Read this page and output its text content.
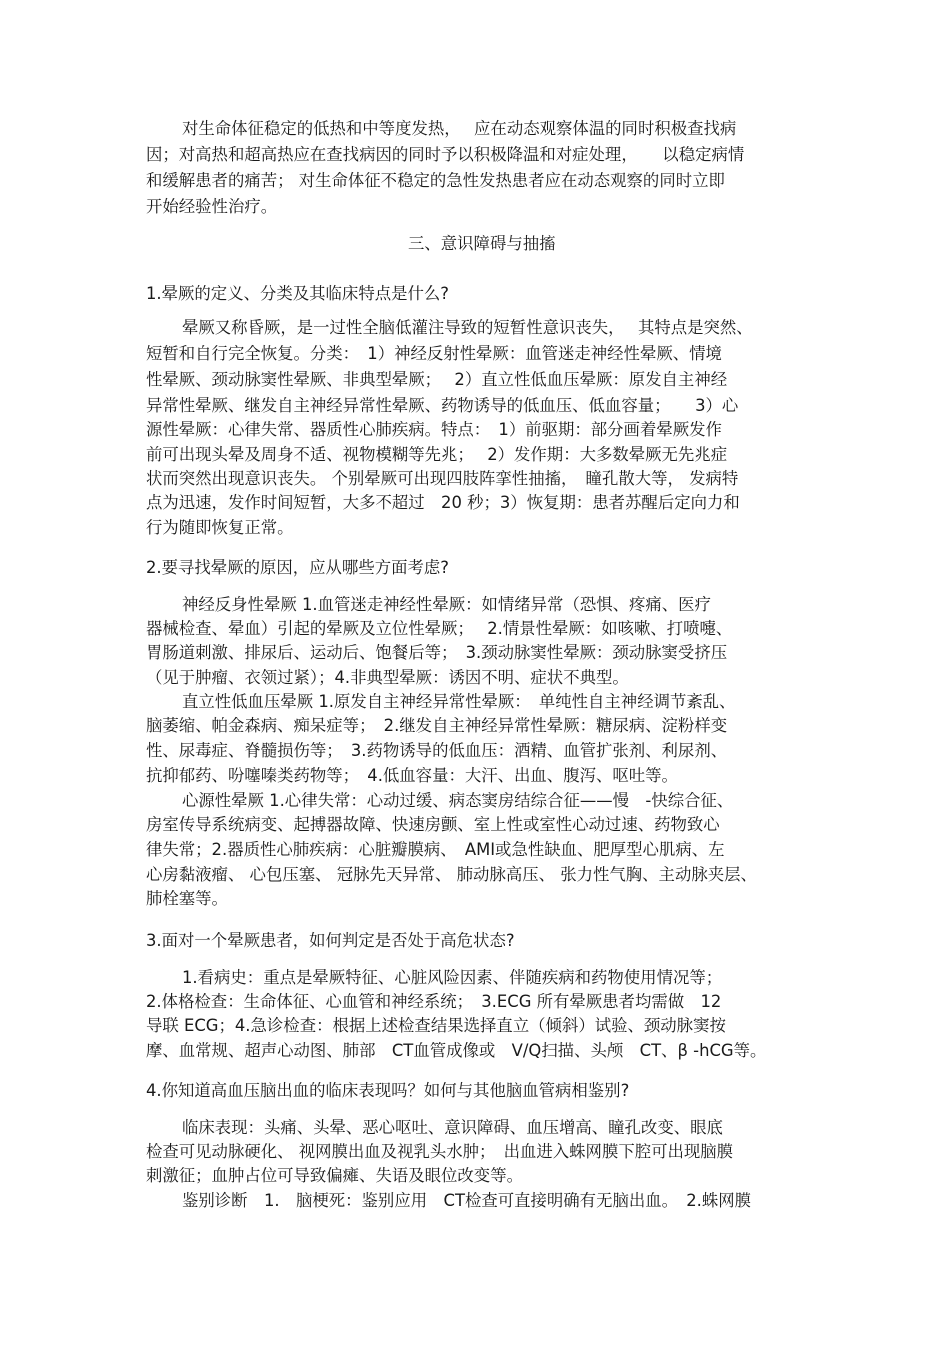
对生命体征稳定的低热和中等度发热，　 应在动态观察体温的同时积极查找病
因；对高热和超高热应在查找病因的同时予以积极降温和对症处理，　　以稳定病情
和缓解患者的痛苦； 对生命体征不稳定的急性发热患者应在动态观察的同时立即
开始经验性治疗。
三、意识障碍与抽搐
1.晕厥的定义、分类及其临床特点是什么?
晕厥又称昏厥，是一过性全脑低灌注导致的短暂性意识丧失，　 其特点是突然、
短暂和自行完全恢复。分类：　1）神经反射性晕厥：血管迷走神经性晕厥、情境
性晕厥、颈动脉窦性晕厥、非典型晕厥；　 2）直立性低血压晕厥：原发自主神经
异常性晕厥、继发自主神经异常性晕厥、药物诱导的低血压、低血容量；　　3）心
源性晕厥：心律失常、器质性心肺疾病。特点：　1）前驱期：部分画着晕厥发作
前可出现头晕及周身不适、视物模糊等先兆；　 2）发作期：大多数晕厥无先兆症
状而突然出现意识丧失。 个别晕厥可出现四肢阵挛性抽搐，　瞳孔散大等， 发病特
点为迅速，发作时间短暂，大多不超过　20 秒；3）恢复期：患者苏醒后定向力和
行为随即恢复正常。
2.要寻找晕厥的原因，应从哪些方面考虑?
神经反身性晕厥 1.血管迷走神经性晕厥：如情绪异常（恐惧、疼痛、医疗
器械检查、晕血）引起的晕厥及立位性晕厥；　 2.情景性晕厥：如咳嗽、打喷嚏、
胃肠道刺激、排尿后、运动后、饱餐后等；　3.颈动脉窦性晕厥：颈动脉窦受挤压
（见于肿瘤、衣领过紧）；4.非典型晕厥：诱因不明、症状不典型。
直立性低血压晕厥 1.原发自主神经异常性晕厥：　单纯性自主神经调节紊乱、
脑萎缩、帕金森病、痴呆症等；　2.继发自主神经异常性晕厥：糖尿病、淀粉样变
性、尿毒症、脊髓损伤等；　3.药物诱导的低血压：酒精、血管扩张剂、利尿剂、
抗抑郁药、吩噻嗪类药物等；　4.低血容量：大汗、出血、腹泻、呕吐等。
心源性晕厥 1.心律失常：心动过缓、病态窦房结综合征——慢　-快综合征、
房室传导系统病变、起搏器故障、快速房颤、室上性或室性心动过速、药物致心
律失常；2.器质性心肺疾病：心脏瓣膜病、　AMI或急性缺血、肥厚型心肌病、左
心房黏液瘤、 心包压塞、 冠脉先天异常、 肺动脉高压、 张力性气胸、主动脉夹层、
肺栓塞等。
3.面对一个晕厥患者，如何判定是否处于高危状态?
1.看病史：重点是晕厥特征、心脏风险因素、伴随疾病和药物使用情况等；
2.体格检查：生命体征、心血管和神经系统；　3.ECG 所有晕厥患者均需做　12
导联 ECG；4.急诊检查：根据上述检查结果选择直立（倾斜）试验、颈动脉窦按
摩、血常规、超声心动图、肺部　CT血管成像或　V/Q扫描、头颅　CT、β -hCG等。
4.你知道高血压脑出血的临床表现吗？如何与其他脑血管病相鉴别?
临床表现：头痛、头晕、恶心呕吐、意识障碍、血压增高、瞳孔改变、眼底
检查可见动脉硬化、 视网膜出血及视乳头水肿；　出血进入蛛网膜下腔可出现脑膜
刺激征；血肿占位可导致偏瘫、失语及眼位改变等。
鉴别诊断　1.　脑梗死：鉴别应用　CT检查可直接明确有无脑出血。　2.蛛网膜
